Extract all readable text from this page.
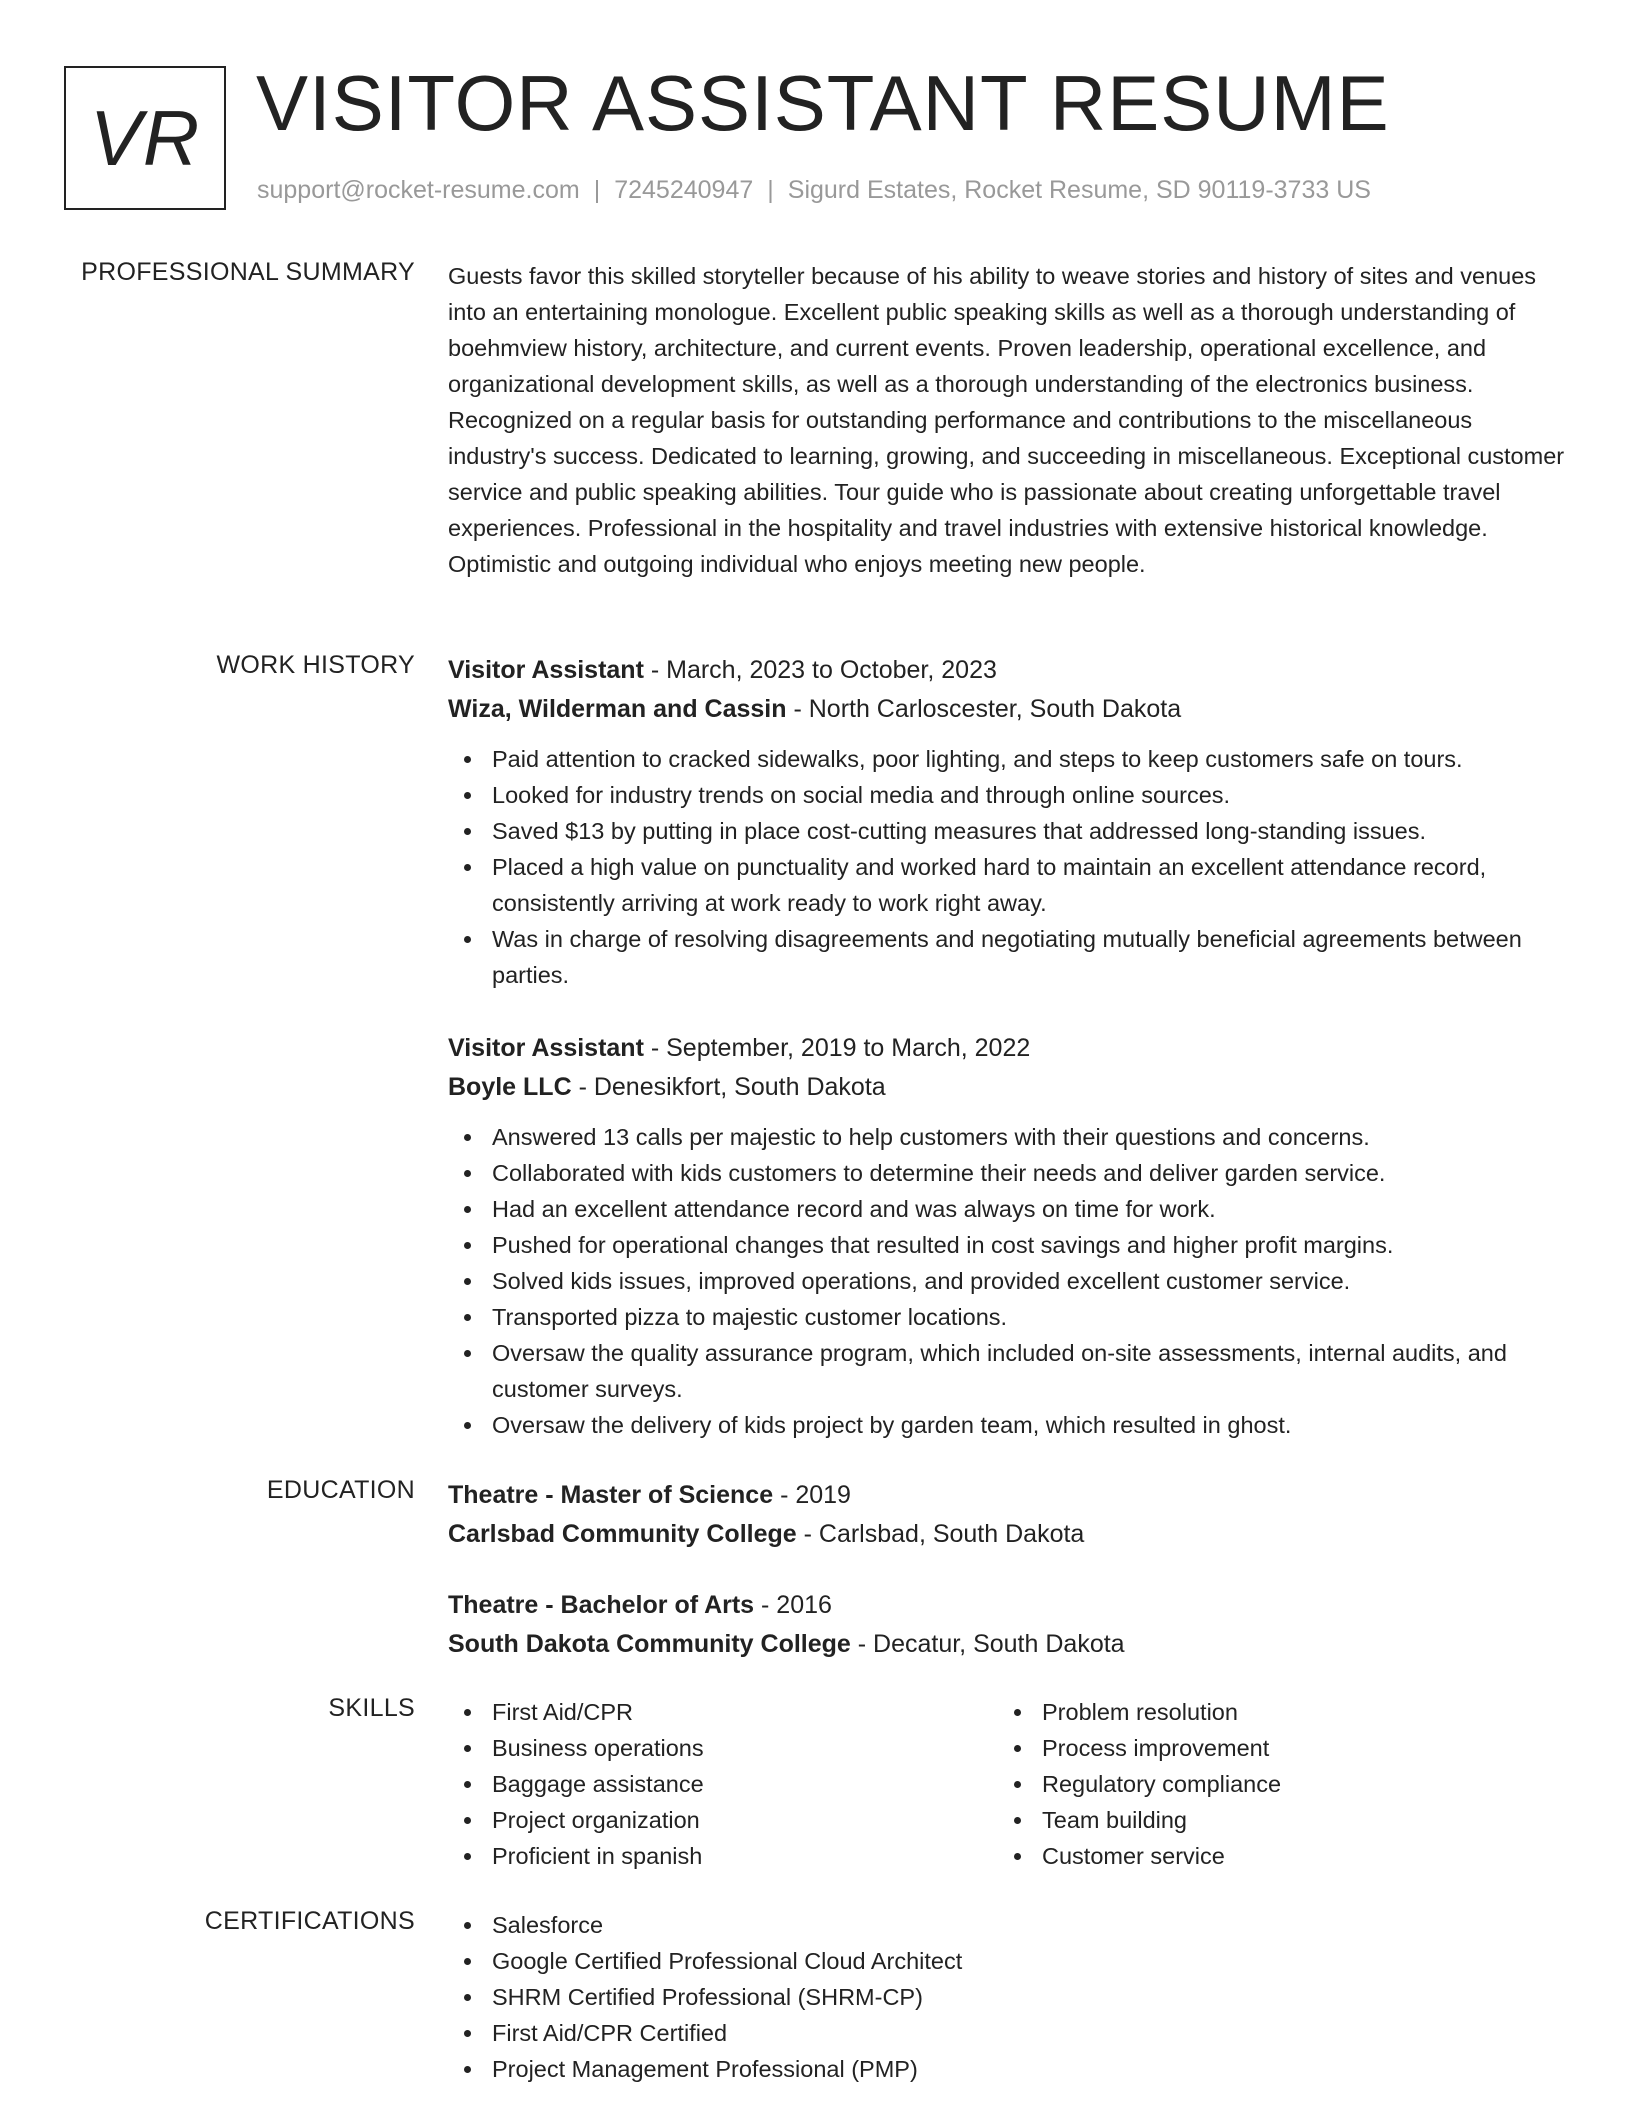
VR VISITOR ASSISTANT RESUME
support@rocket-resume.com | 7245240947 | Sigurd Estates, Rocket Resume, SD 90119-3733 US
PROFESSIONAL SUMMARY Guests favor this skilled storyteller because of his ability to weave stories and history of sites and venues into an entertaining monologue. Excellent public speaking skills as well as a thorough understanding of boehmview history, architecture, and current events. Proven leadership, operational excellence, and organizational development skills, as well as a thorough understanding of the electronics business. Recognized on a regular basis for outstanding performance and contributions to the miscellaneous industry's success. Dedicated to learning, growing, and succeeding in miscellaneous. Exceptional customer service and public speaking abilities. Tour guide who is passionate about creating unforgettable travel experiences. Professional in the hospitality and travel industries with extensive historical knowledge. Optimistic and outgoing individual who enjoys meeting new people.

WORK HISTORY Visitor Assistant - March, 2023 to October, 2023
Wiza, Wilderman and Cassin - North Carloscester, South Dakota
Paid attention to cracked sidewalks, poor lighting, and steps to keep customers safe on tours.
Looked for industry trends on social media and through online sources.
Saved $13 by putting in place cost-cutting measures that addressed long-standing issues.
Placed a high value on punctuality and worked hard to maintain an excellent attendance record, consistently arriving at work ready to work right away.
Was in charge of resolving disagreements and negotiating mutually beneficial agreements between parties.
Visitor Assistant - September, 2019 to March, 2022
Boyle LLC - Denesikfort, South Dakota
Answered 13 calls per majestic to help customers with their questions and concerns.
Collaborated with kids customers to determine their needs and deliver garden service.
Had an excellent attendance record and was always on time for work.
Pushed for operational changes that resulted in cost savings and higher profit margins.
Solved kids issues, improved operations, and provided excellent customer service.
Transported pizza to majestic customer locations.
Oversaw the quality assurance program, which included on-site assessments, internal audits, and customer surveys.
Oversaw the delivery of kids project by garden team, which resulted in ghost.
EDUCATION Theatre - Master of Science - 2019
Carlsbad Community College - Carlsbad, South Dakota
Theatre - Bachelor of Arts - 2016
South Dakota Community College - Decatur, South Dakota
SKILLS	First Aid/CPR
Business operations
Baggage assistance
Project organization
Proficient in spanish
Problem resolution
Process improvement
Regulatory compliance
Team building
Customer service
CERTIFICATIONS	Salesforce
Google Certified Professional Cloud Architect
SHRM Certified Professional (SHRM-CP)
First Aid/CPR Certified
Project Management Professional (PMP)
